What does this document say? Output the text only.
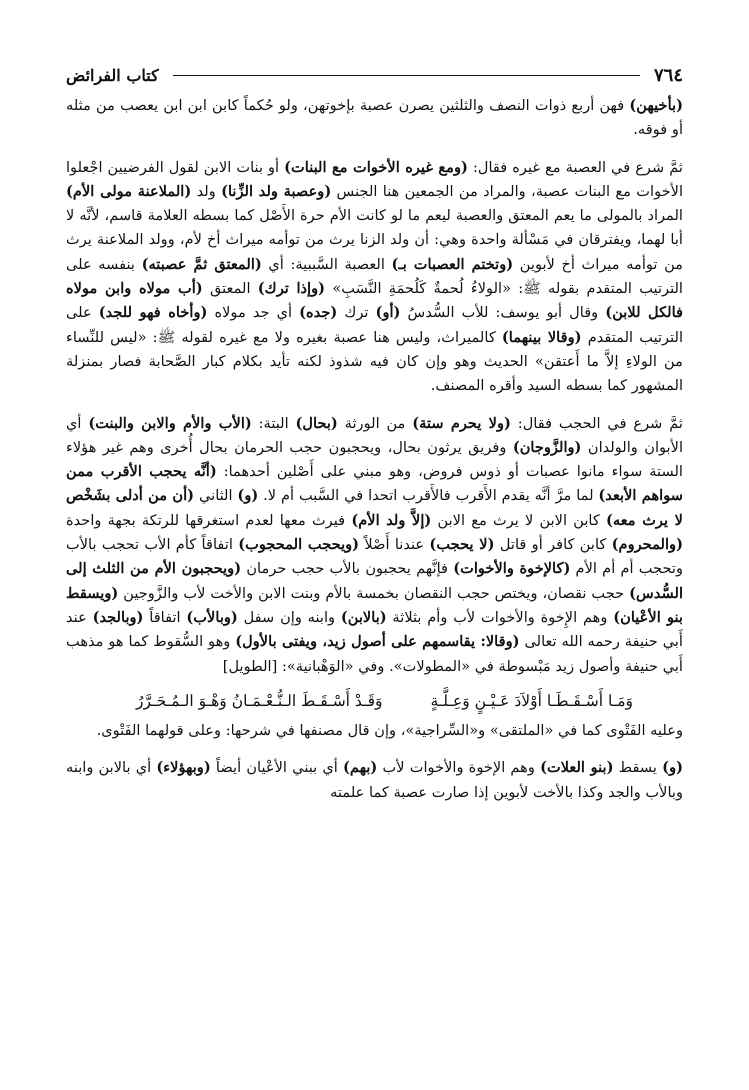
٧٦٤
كتاب الفرائض

(بأخيهن) فهن أربع ذوات النصف والثلثين يصرن عصبة بإخوتهن، ولو حُكماً كابن ابن ابن يعصب من مثله أو فوقه.

ثمَّ شرع في العصبة مع غيره فقال: (ومع غيره الأخوات مع البنات) أو بنات الابن لقول الفرضيين اجْعلوا الأخوات مع البنات عصبة، والمراد من الجمعين هنا الجنس (وعصبة ولد الزِّنا) ولد (الملاعنة مولى الأم) المراد بالمولى ما يعم المعتق والعصبة ليعم ما لو كانت الأم حرة الأَصْل كما بسطه العلامة قاسم، لأنَّه لا أبا لهما، ويفترقان في مَسْألة واحدة وهي: أن ولد الزنا يرث من توأمه ميراث أخ لأم، وولد الملاعنة يرث من توأمه ميراث أخ لأبوين (وتختم العصبات بـ) العصبة السَّببية: أي (المعتق ثمَّ عصبته) بنفسه على الترتيب المتقدم بقوله ﷺ: «الولاءُ لُحمةٌ كَلُحمَةِ النَّسَبِ» (وإذا ترك) المعتق (أب مولاه وابن مولاه فالكل للابن) وقال أبو يوسف: للأب السُّدسُ (أو) ترك (جده) أي جد مولاه (وأخاه فهو للجد) على الترتيب المتقدم (وقالا بينهما) كالميراث، وليس هنا عصبة بغيره ولا مع غيره لقوله ﷺ: «ليس للنِّساء من الولاءِ إلاَّ ما أَعتقن» الحديث وهو وإن كان فيه شذوذ لكنه تأيد بكلام كبار الصَّحابة فصار بمنزلة المشهور كما بسطه السيد وأقره المصنف.

ثمَّ شرع في الحجب فقال: (ولا يحرم ستة) من الورثة (بحال) البتة: (الأب والأم والابن والبنت) أي الأبوان والولدان (والزَّوجان) وفريق يرثون بحال، ويحجبون حجب الحرمان بحال أُخرى وهم غير هؤلاء الستة سواء مانوا عصبات أو ذوس فروض، وهو مبني على أَصْلين أحدهما: (أنَّه يحجب الأقرب ممن سواهم الأبعد) لما مرَّ أنَّه يقدم الأَقرب فالأَقرب اتحدا في السَّبب أم لا. (و) الثاني (أن من أدلى بشَخْص لا يرث معه) كابن الابن لا يرث مع الابن (إلاَّ ولد الأم) فيرث معها لعدم استغرقها للرتكة بجهة واحدة (والمحروم) كابن كافر أو قاتل (لا يحجب) عندنا أَصْلاً (ويحجب المحجوب) اتفاقاً كأم الأب تحجب بالأب وتحجب أم أم الأم (كالإخوة والأخوات) فإنَّهم يحجبون بالأب حجب حرمان (ويحجبون الأم من الثلث إلى السُّدس) حجب نقصان، ويختص حجب النقصان بخمسة بالأم وبنت الابن والأخت لأب والزَّوجين (ويسقط بنو الأعْيان) وهم الإِخوة والأخوات لأب وأم بثلاثة (بالابن) وابنه وإن سفل (وبالأب) اتفاقاً (وبالجد) عند أَبي حنيفة رحمه الله تعالى (وقالا: يقاسمهم على أصول زيد، ويفتى بالأول) وهو السُّقوط كما هو مذهب أَبي حنيفة وأصول زيد مَبْسوطة في «المطولات». وفي «الوَهْبانية»: [الطويل]

وَمَـا أَسْـقَـطَـا أَوْلاَدَ عَـيْـنٍ وَعِـلَّـةٍ
وَقَـدْ أَسْـقَـطَ الـنُّـعْـمَـانُ وَهْـوَ الـمُـحَـرَّرُ

وعليه الفَتْوى كما في «الملتقى» و«السِّراجية»، وإن قال مصنفها في شرحها: وعلى قولهما الفَتْوى.

(و) يسقط (بنو العلات) وهم الإخوة والأخوات لأب (بهم) أي ببني الأعْيان أيضاً (وبهؤلاء) أي بالابن وابنه وبالأب والجد وكذا بالأخت لأبوين إذا صارت عصبة كما علمته
